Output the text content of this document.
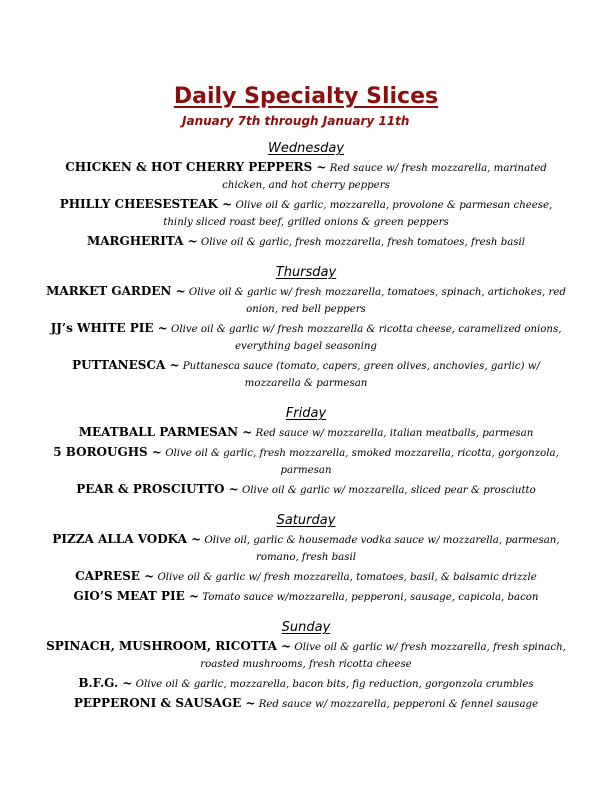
Daily Specialty Slices
January 7th through January 11th
Wednesday
CHICKEN & HOT CHERRY PEPPERS ~ Red sauce w/ fresh mozzarella, marinated chicken, and hot cherry peppers
PHILLY CHEESESTEAK ~ Olive oil & garlic, mozzarella, provolone & parmesan cheese, thinly sliced roast beef, grilled onions & green peppers
MARGHERITA ~ Olive oil & garlic, fresh mozzarella, fresh tomatoes, fresh basil
Thursday
MARKET GARDEN ~ Olive oil & garlic w/ fresh mozzarella, tomatoes, spinach, artichokes, red onion, red bell peppers
JJ’s WHITE PIE ~ Olive oil & garlic w/ fresh mozzarella & ricotta cheese, caramelized onions, everything bagel seasoning
PUTTANESCA ~ Puttanesca sauce (tomato, capers, green olives, anchovies, garlic) w/ mozzarella & parmesan
Friday
MEATBALL PARMESAN ~ Red sauce w/ mozzarella, italian meatballs, parmesan
5 BOROUGHS ~ Olive oil & garlic, fresh mozzarella, smoked mozzarella, ricotta, gorgonzola, parmesan
PEAR & PROSCIUTTO ~ Olive oil & garlic w/ mozzarella, sliced pear & prosciutto
Saturday
PIZZA ALLA VODKA ~ Olive oil, garlic & housemade vodka sauce w/ mozzarella, parmesan, romano, fresh basil
CAPRESE ~ Olive oil & garlic w/ fresh mozzarella, tomatoes, basil, & balsamic drizzle
GIO’S MEAT PIE ~ Tomato sauce w/mozzarella, pepperoni, sausage, capicola, bacon
Sunday
SPINACH, MUSHROOM, RICOTTA ~ Olive oil & garlic w/ fresh mozzarella, fresh spinach, roasted mushrooms, fresh ricotta cheese
B.F.G. ~ Olive oil & garlic, mozzarella, bacon bits, fig reduction, gorgonzola crumbles
PEPPERONI & SAUSAGE ~ Red sauce w/ mozzarella, pepperoni & fennel sausage
